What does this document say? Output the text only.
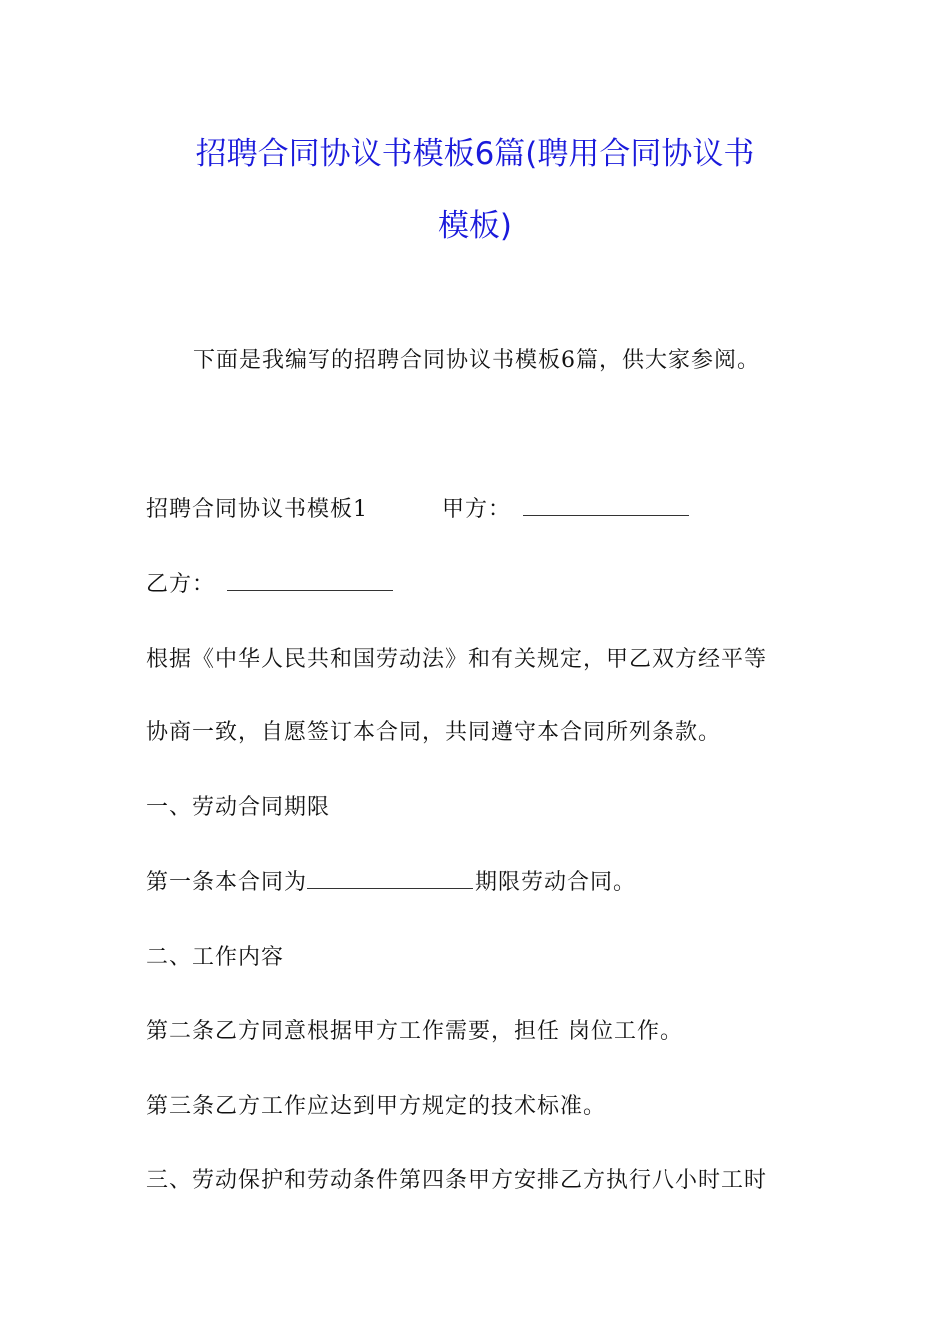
招聘合同协议书模板6篇(聘用合同协议书
模板)
下面是我编写的招聘合同协议书模板6篇，供大家参阅。
招聘合同协议书模板1	甲方：
乙方：
根据《中华人民共和国劳动法》和有关规定，甲乙双方经平等
协商一致，自愿签订本合同，共同遵守本合同所列条款。
一、劳动合同期限
第一条本合同为	期限劳动合同。
二、工作内容
第二条乙方同意根据甲方工作需要，担任 岗位工作。
第三条乙方工作应达到甲方规定的技术标准。
三、劳动保护和劳动条件第四条甲方安排乙方执行八小时工时
